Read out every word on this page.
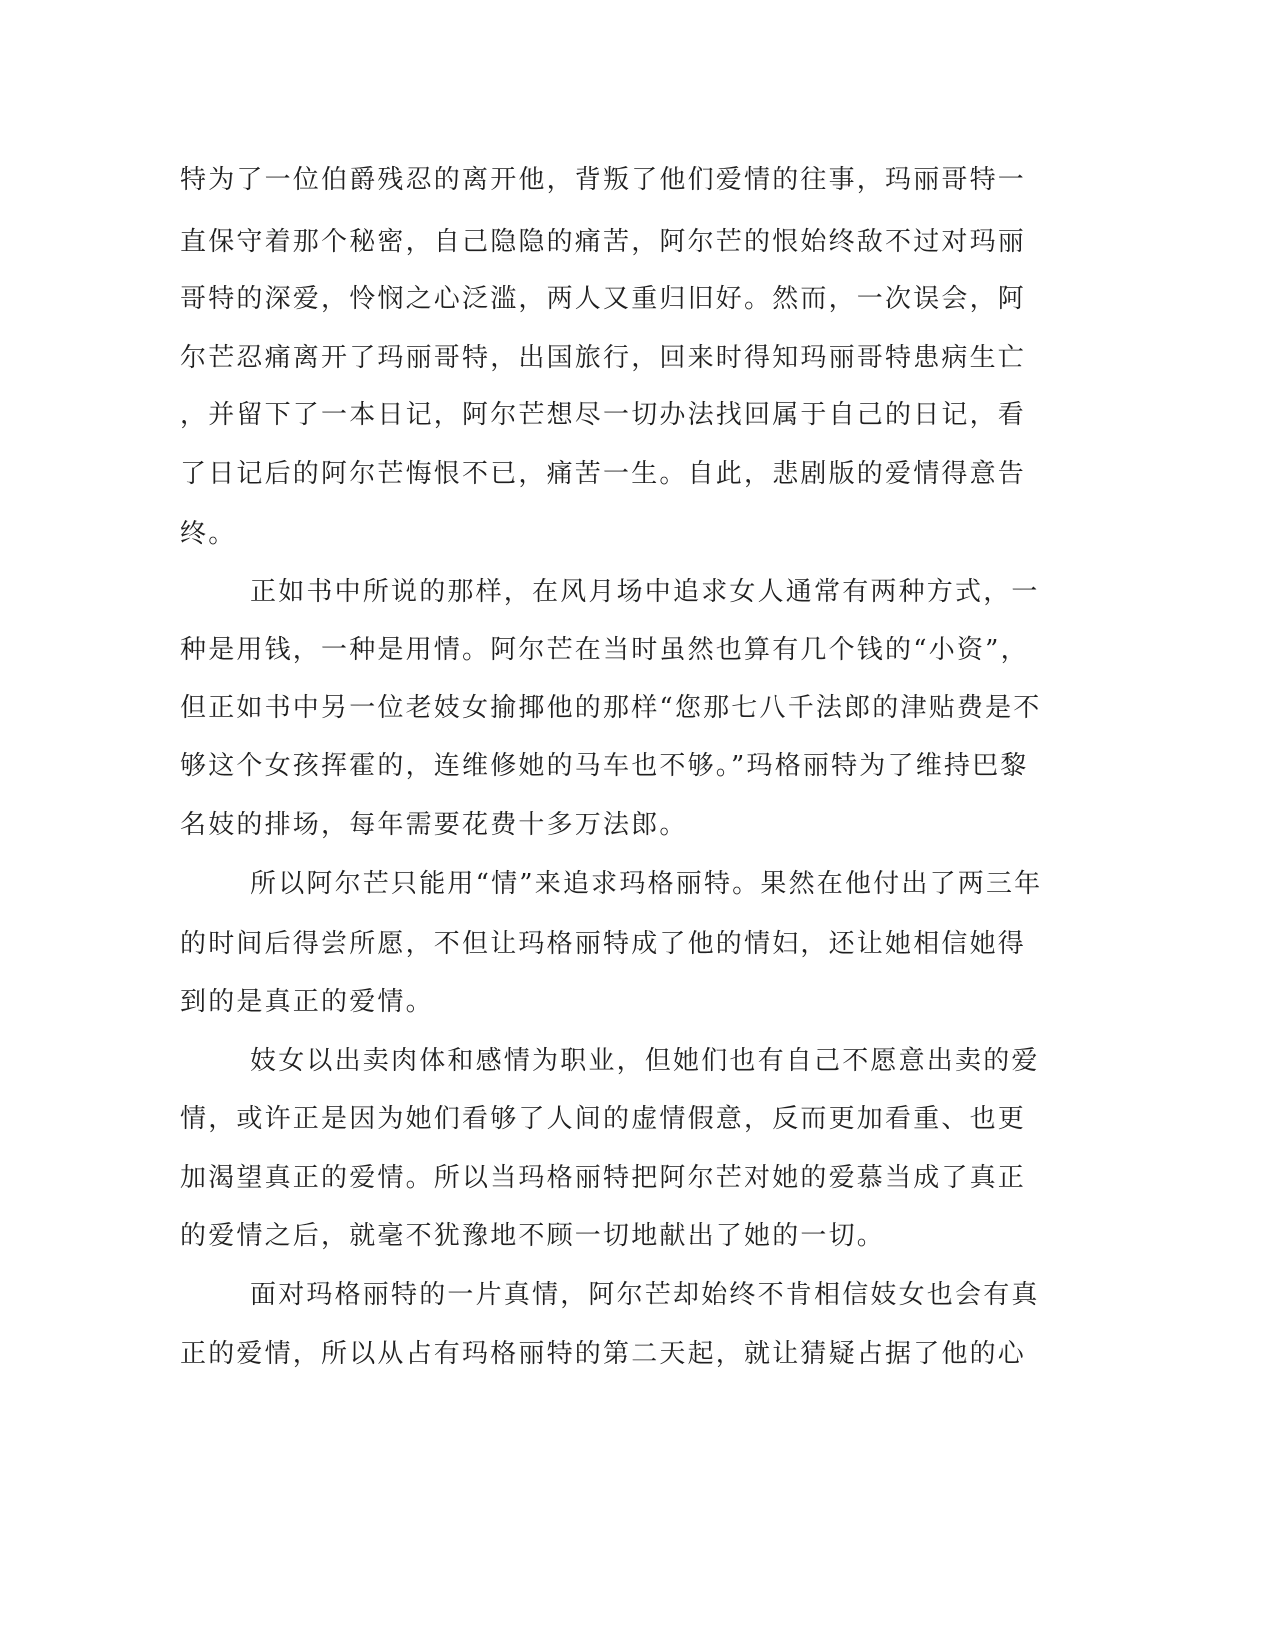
特为了一位伯爵残忍的离开他，背叛了他们爱情的往事，玛丽哥特一
直保守着那个秘密，自己隐隐的痛苦，阿尔芒的恨始终敌不过对玛丽
哥特的深爱，怜悯之心泛滥，两人又重归旧好。然而，一次误会，阿
尔芒忍痛离开了玛丽哥特，出国旅行，回来时得知玛丽哥特患病生亡
，并留下了一本日记，阿尔芒想尽一切办法找回属于自己的日记，看
了日记后的阿尔芒悔恨不已，痛苦一生。自此，悲剧版的爱情得意告
终。
正如书中所说的那样，在风月场中追求女人通常有两种方式，一
种是用钱，一种是用情。阿尔芒在当时虽然也算有几个钱的“小资”，
但正如书中另一位老妓女揄揶他的那样“您那七八千法郎的津贴费是不
够这个女孩挥霍的，连维修她的马车也不够。”玛格丽特为了维持巴黎
名妓的排场，每年需要花费十多万法郎。
所以阿尔芒只能用“情”来追求玛格丽特。果然在他付出了两三年
的时间后得尝所愿，不但让玛格丽特成了他的情妇，还让她相信她得
到的是真正的爱情。
妓女以出卖肉体和感情为职业，但她们也有自己不愿意出卖的爱
情，或许正是因为她们看够了人间的虚情假意，反而更加看重、也更
加渴望真正的爱情。所以当玛格丽特把阿尔芒对她的爱慕当成了真正
的爱情之后，就毫不犹豫地不顾一切地献出了她的一切。
面对玛格丽特的一片真情，阿尔芒却始终不肯相信妓女也会有真
正的爱情，所以从占有玛格丽特的第二天起，就让猜疑占据了他的心
